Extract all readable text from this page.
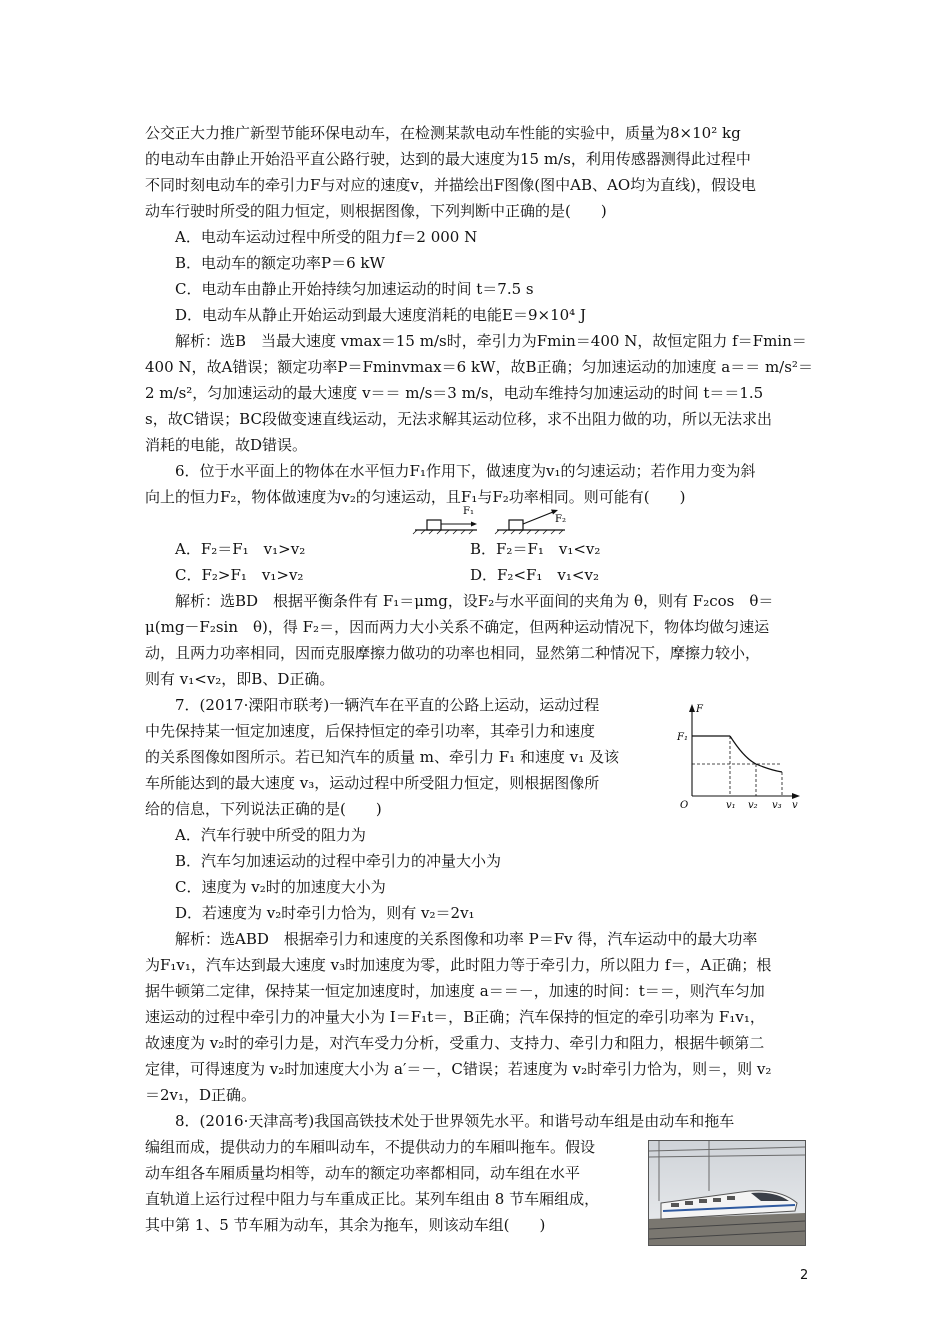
公交正大力推广新型节能环保电动车，在检测某款电动车性能的实验中，质量为8×10² kg
的电动车由静止开始沿平直公路行驶，达到的最大速度为15 m/s，利用传感器测得此过程中
不同时刻电动车的牵引力F与对应的速度v，并描绘出F图像(图中AB、AO均为直线)，假设电
动车行驶时所受的阻力恒定，则根据图像，下列判断中正确的是(　　)
A．电动车运动过程中所受的阻力f＝2 000 N
B．电动车的额定功率P＝6 kW
C．电动车由静止开始持续匀加速运动的时间 t＝7.5 s
D．电动车从静止开始运动到最大速度消耗的电能E＝9×10⁴ J
解析：选B　当最大速度 vmax＝15 m/s时，牵引力为Fmin＝400 N，故恒定阻力 f＝Fmin＝
400 N，故A错误；额定功率P＝Fminvmax＝6 kW，故B正确；匀加速运动的加速度 a＝＝ m/s²＝
2 m/s²，匀加速运动的最大速度 v＝＝ m/s＝3 m/s，电动车维持匀加速运动的时间 t＝＝1.5
s，故C错误；BC段做变速直线运动，无法求解其运动位移，求不出阻力做的功，所以无法求出
消耗的电能，故D错误。
6．位于水平面上的物体在水平恒力F₁作用下，做速度为v₁的匀速运动；若作用力变为斜
向上的恒力F₂，物体做速度为v₂的匀速运动，且F₁与F₂功率相同。则可能有(　　)
F₁
F₂
A．F₂＝F₁　v₁>v₂	B．F₂＝F₁　v₁<v₂
C．F₂>F₁　v₁>v₂	D．F₂<F₁　v₁<v₂
解析：选BD　根据平衡条件有 F₁＝μmg，设F₂与水平面间的夹角为 θ，则有 F₂cos　θ＝
μ(mg－F₂sin　θ)，得 F₂＝，因而两力大小关系不确定，但两种运动情况下，物体均做匀速运
动，且两力功率相同，因而克服摩擦力做功的功率也相同，显然第二种情况下，摩擦力较小，
则有 v₁<v₂，即B、D正确。
7．(2017·溧阳市联考)一辆汽车在平直的公路上运动，运动过程
中先保持某一恒定加速度，后保持恒定的牵引功率，其牵引力和速度
的关系图像如图所示。若已知汽车的质量 m、牵引力 F₁ 和速度 v₁ 及该
车所能达到的最大速度 v₃，运动过程中所受阻力恒定，则根据图像所
给的信息，下列说法正确的是(　　)
F
F₁
O	v₁ v₂ v₃ v
A．汽车行驶中所受的阻力为
B．汽车匀加速运动的过程中牵引力的冲量大小为
C．速度为 v₂时的加速度大小为
D．若速度为 v₂时牵引力恰为，则有 v₂＝2v₁
解析：选ABD　根据牵引力和速度的关系图像和功率 P＝Fv 得，汽车运动中的最大功率
为F₁v₁，汽车达到最大速度 v₃时加速度为零，此时阻力等于牵引力，所以阻力 f＝，A正确；根
据牛顿第二定律，保持某一恒定加速度时，加速度 a＝＝－，加速的时间：t＝＝，则汽车匀加
速运动的过程中牵引力的冲量大小为 I＝F₁t＝，B正确；汽车保持的恒定的牵引功率为 F₁v₁，
故速度为 v₂时的牵引力是，对汽车受力分析，受重力、支持力、牵引力和阻力，根据牛顿第二
定律，可得速度为 v₂时加速度大小为 a′＝－，C错误；若速度为 v₂时牵引力恰为，则＝，则 v₂
＝2v₁，D正确。
8．(2016·天津高考)我国高铁技术处于世界领先水平。和谐号动车组是由动车和拖车
编组而成，提供动力的车厢叫动车，不提供动力的车厢叫拖车。假设
动车组各车厢质量均相等，动车的额定功率都相同，动车组在水平
直轨道上运行过程中阻力与车重成正比。某列车组由 8 节车厢组成，
其中第 1、5 节车厢为动车，其余为拖车，则该动车组(　　)
2
